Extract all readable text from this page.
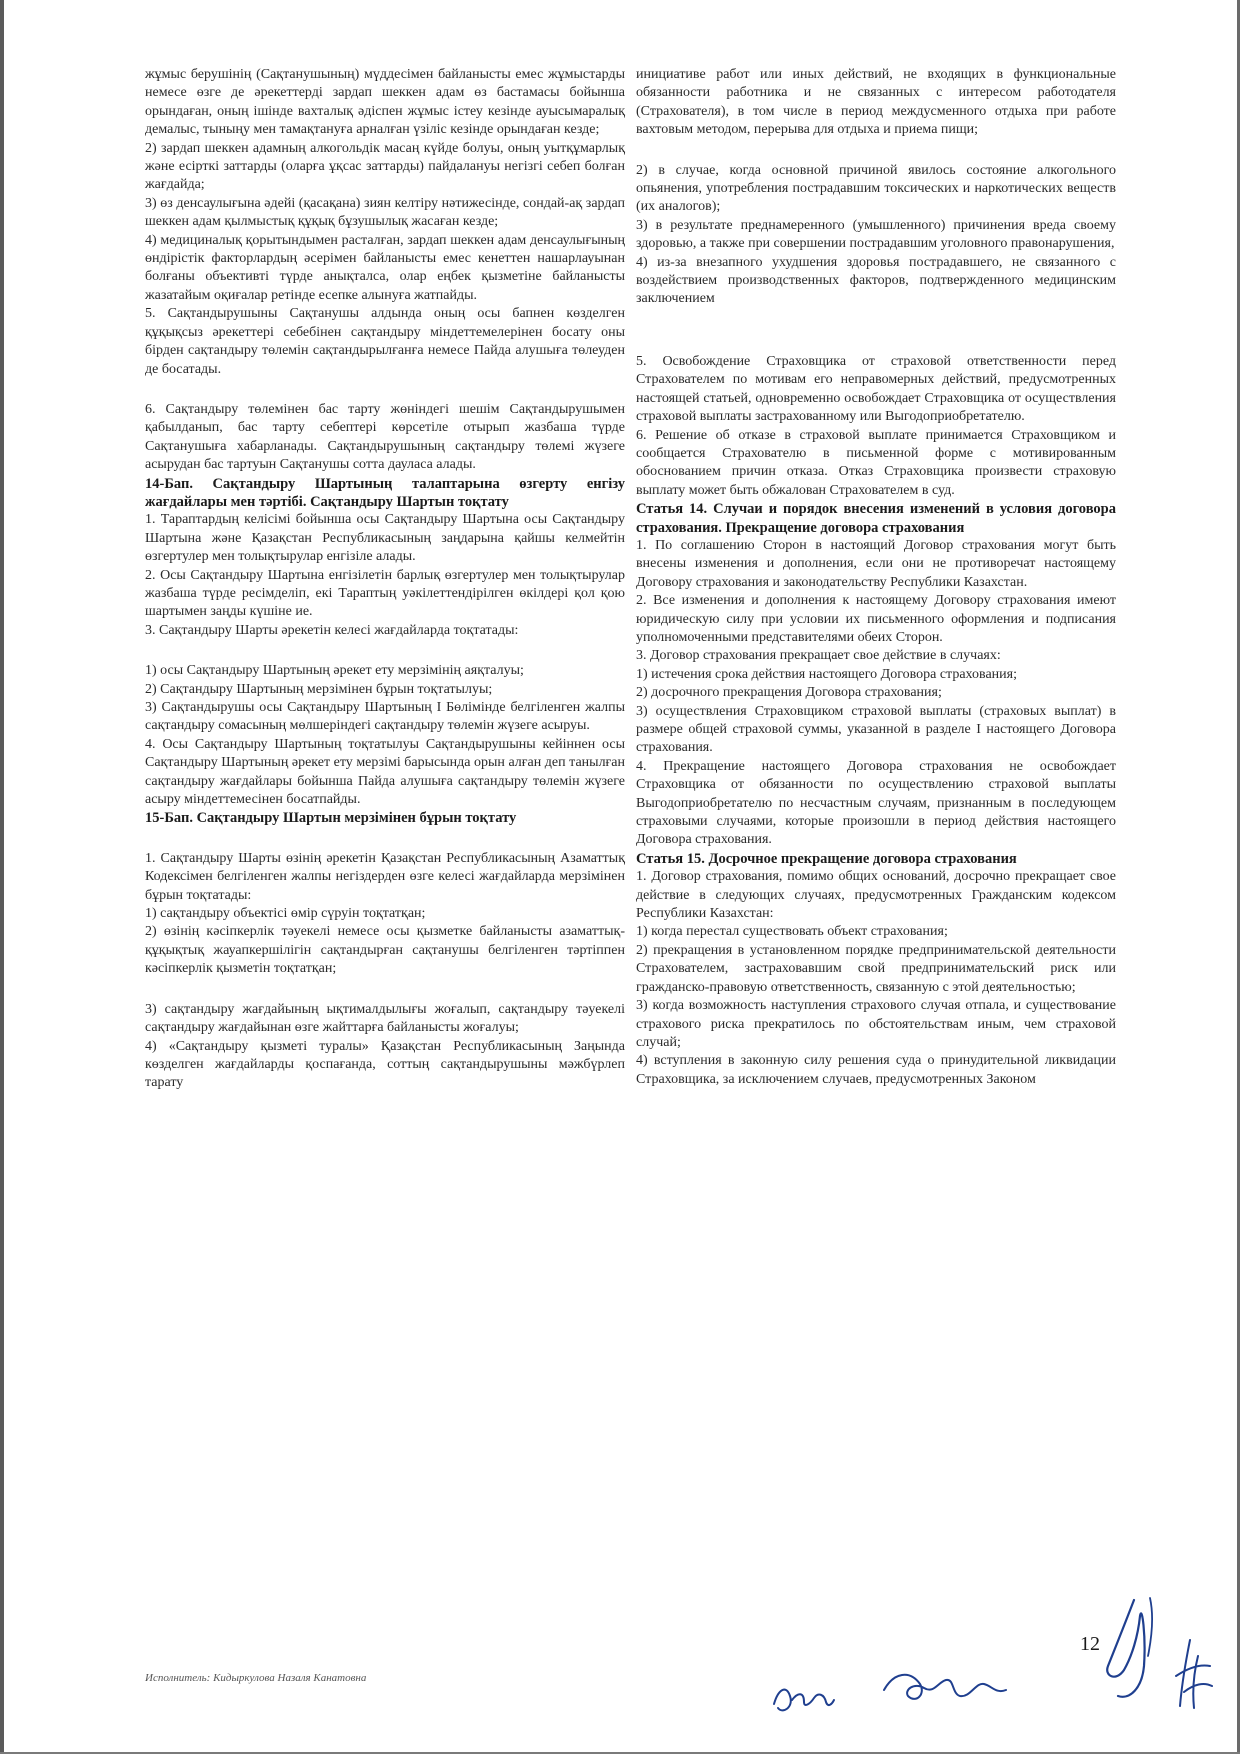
жұмыс берушінің (Сақтанушының) мүддесімен байланысты емес жұмыстарды немесе өзге де әрекеттерді зардап шеккен адам өз бастамасы бойынша орындаған, оның ішінде вахталық әдіспен жұмыс істеу кезінде ауысымаралық демалыс, тыныңу мен тамақтануға арналған үзіліс кезінде орындаған кезде;

2) зардап шеккен адамның алкогольдік масаң күйде болуы, оның уытқұмарлық және есірткі заттарды (оларға ұқсас заттарды) пайдалануы негізгі себеп болған жағдайда;

3) өз денсаулығына әдейі (қасақана) зиян келтіру нәтижесінде, сондай-ақ зардап шеккен адам қылмыстық құқық бұзушылық жасаған кезде;

4) медициналық қорытындымен расталған, зардап шеккен адам денсаулығының өндірістік факторлардың әсерімен байланысты емес кенеттен нашарлауынан болғаны объективті түрде анықталса, олар еңбек қызметіне байланысты жазатайым оқиғалар ретінде есепке алынуға жатпайды.

5. Сақтандырушыны Сақтанушы алдында оның осы бапнен көзделген құқықсыз әрекеттері себебінен сақтандыру міндеттемелерінен босату оны бірден сақтандыру төлемін сақтандырылғанға немесе Пайда алушыға төлеуден де босатады.

6. Сақтандыру төлемінен бас тарту жөніндегі шешім Сақтандырушымен қабылданып, бас тарту себептері көрсетіле отырып жазбаша түрде Сақтанушыға хабарланады. Сақтандырушының сақтандыру төлемі жүзеге асырудан бас тартуын Сақтанушы сотта дауласа алады.

14-Бап. Сақтандыру Шартының талаптарына өзгерту енгізу жағдайлары мен тәртібі. Сақтандыру Шартын тоқтату

1. Тараптардың келісімі бойынша осы Сақтандыру Шартына осы Сақтандыру Шартына және Қазақстан Республикасының заңдарына қайшы келмейтін өзгертулер мен толықтырулар енгізіле алады.

2. Осы Сақтандыру Шартына енгізілетін барлық өзгертулер мен толықтырулар жазбаша түрде ресімделіп, екі Тараптың уәкілеттендірілген өкілдері қол қою шартымен заңды күшіне ие.

3. Сақтандыру Шарты әрекетін келесі жағдайларда тоқтатады:

1) осы Сақтандыру Шартының әрекет ету мерзімінің аяқталуы;

2) Сақтандыру Шартының мерзімінен бұрын тоқтатылуы;

3) Сақтандырушы осы Сақтандыру Шартының I Бөлімінде белгіленген жалпы сақтандыру сомасының мөлшеріндегі сақтандыру төлемін жүзеге асыруы.

4. Осы Сақтандыру Шартының тоқтатылуы Сақтандырушыны кейіннен осы Сақтандыру Шартының әрекет ету мерзімі барысында орын алған деп танылған сақтандыру жағдайлары бойынша Пайда алушыға сақтандыру төлемін жүзеге асыру міндеттемесінен босатпайды.

15-Бап. Сақтандыру Шартын мерзімінен бұрын тоқтату

1. Сақтандыру Шарты өзінің әрекетін Қазақстан Республикасының Азаматтық Кодексімен белгіленген жалпы негіздерден өзге келесі жағдайларда мерзімінен бұрын тоқтатады:

1) сақтандыру объектісі өмір сүруін тоқтатқан;

2) өзінің кәсіпкерлік тәуекелі немесе осы қызметке байланысты азаматтық-құқықтық жауапкершілігін сақтандырған сақтанушы белгіленген тәртіппен кәсіпкерлік қызметін тоқтатқан;

3) сақтандыру жағдайының ықтималдылығы жоғалып, сақтандыру тәуекелі сақтандыру жағдайынан өзге жайттарға байланысты жоғалуы;

4) «Сақтандыру қызметі туралы» Қазақстан Республикасының Заңында көзделген жағдайларды қоспағанда, соттың сақтандырушыны мәжбүрлеп тарату

инициативе работ или иных действий, не входящих в функциональные обязанности работника и не связанных с интересом работодателя (Страхователя), в том числе в период междусменного отдыха при работе вахтовым методом, перерыва для отдыха и приема пищи;

2) в случае, когда основной причиной явилось состояние алкогольного опьянения, употребления пострадавшим токсических и наркотических веществ (их аналогов);

3) в результате преднамеренного (умышленного) причинения вреда своему здоровью, а также при совершении пострадавшим уголовного правонарушения,

4) из-за внезапного ухудшения здоровья пострадавшего, не связанного с воздействием производственных факторов, подтвержденного медицинским заключением

5. Освобождение Страховщика от страховой ответственности перед Страхователем по мотивам его неправомерных действий, предусмотренных настоящей статьей, одновременно освобождает Страховщика от осуществления страховой выплаты застрахованному или Выгодоприобретателю.

6. Решение об отказе в страховой выплате принимается Страховщиком и сообщается Страхователю в письменной форме с мотивированным обоснованием причин отказа. Отказ Страховщика произвести страховую выплату может быть обжалован Страхователем в суд.

Статья 14. Случаи и порядок внесения изменений в условия договора страхования. Прекращение договора страхования

1. По соглашению Сторон в настоящий Договор страхования могут быть внесены изменения и дополнения, если они не противоречат настоящему Договору страхования и законодательству Республики Казахстан.

2. Все изменения и дополнения к настоящему Договору страхования имеют юридическую силу при условии их письменного оформления и подписания уполномоченными представителями обеих Сторон.

3. Договор страхования прекращает свое действие в случаях:

1) истечения срока действия настоящего Договора страхования;

2) досрочного прекращения Договора страхования;

3) осуществления Страховщиком страховой выплаты (страховых выплат) в размере общей страховой суммы, указанной в разделе I настоящего Договора страхования.

4. Прекращение настоящего Договора страхования не освобождает Страховщика от обязанности по осуществлению страховой выплаты Выгодоприобретателю по несчастным случаям, признанным в последующем страховыми случаями, которые произошли в период действия настоящего Договора страхования.

Статья 15. Досрочное прекращение договора страхования

1. Договор страхования, помимо общих оснований, досрочно прекращает свое действие в следующих случаях, предусмотренных Гражданским кодексом Республики Казахстан:

1) когда перестал существовать объект страхования;

2) прекращения в установленном порядке предпринимательской деятельности Страхователем, застраховавшим свой предпринимательский риск или гражданско-правовую ответственность, связанную с этой деятельностью;

3) когда возможность наступления страхового случая отпала, и существование страхового риска прекратилось по обстоятельствам иным, чем страховой случай;

4) вступления в законную силу решения суда о принудительной ликвидации Страховщика, за исключением случаев, предусмотренных Законом

12
Исполнитель: Кидыркулова Назаля Канатовна
